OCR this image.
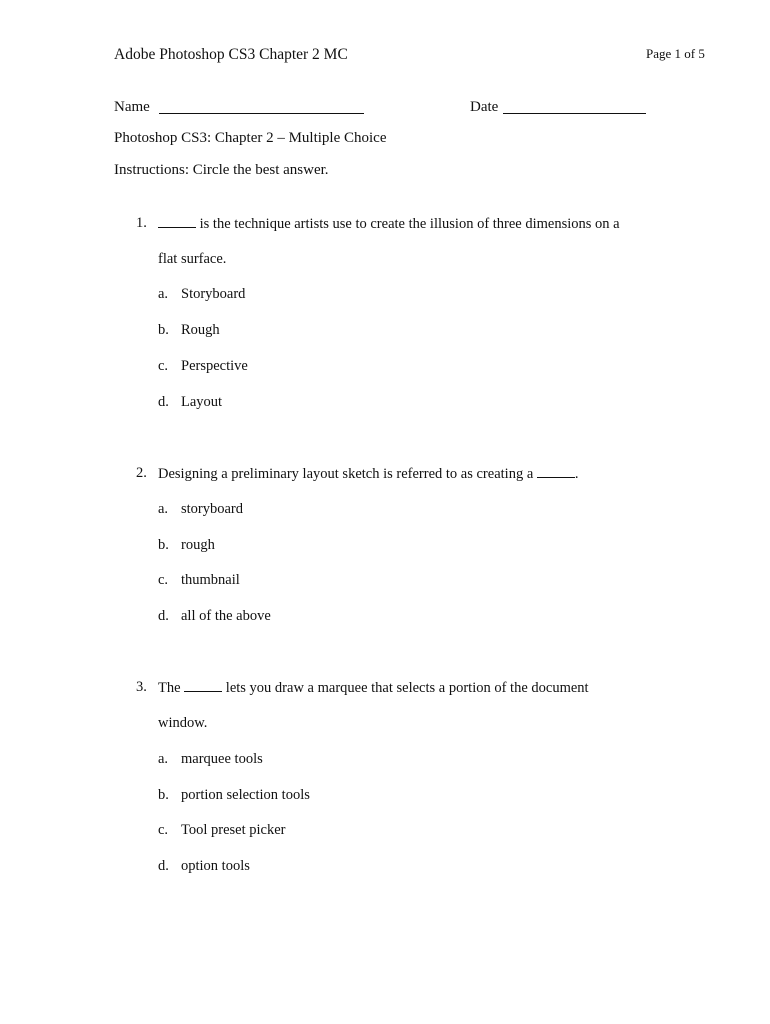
Adobe Photoshop CS3 Chapter 2 MC	Page 1 of 5
Name	Date
Photoshop CS3: Chapter 2 – Multiple Choice
Instructions: Circle the best answer.
1.	is the technique artists use to create the illusion of three dimensions on a
flat surface.
a. Storyboard
b. Rough
c. Perspective
d. Layout
2. Designing a preliminary layout sketch is referred to as creating a	.
a. storyboard
b. rough
c. thumbnail
d. all of the above
3. The	lets you draw a marquee that selects a portion of the document
window.
a. marquee tools
b. portion selection tools
c. Tool preset picker
d. option tools
